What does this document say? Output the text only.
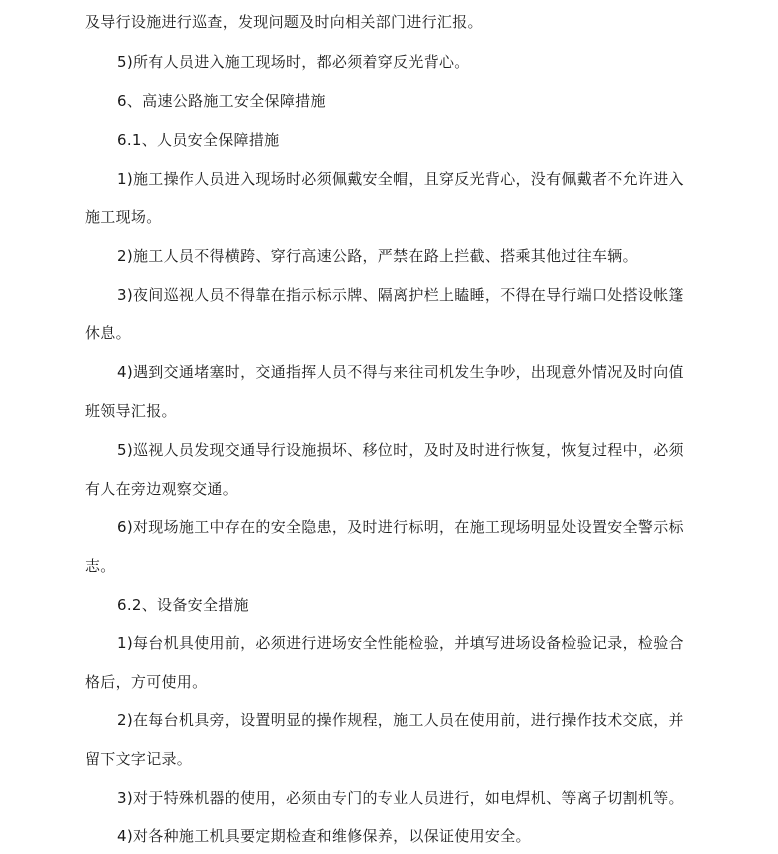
及导行设施进行巡查，发现问题及时向相关部门进行汇报。
5)所有人员进入施工现场时，都必须着穿反光背心。
6、高速公路施工安全保障措施
6.1、人员安全保障措施
1)施工操作人员进入现场时必须佩戴安全帽，且穿反光背心，没有佩戴者不允许进入
施工现场。
2)施工人员不得横跨、穿行高速公路，严禁在路上拦截、搭乘其他过往车辆。
3)夜间巡视人员不得靠在指示标示牌、隔离护栏上瞌睡，不得在导行端口处搭设帐篷
休息。
4)遇到交通堵塞时，交通指挥人员不得与来往司机发生争吵，出现意外情况及时向值
班领导汇报。
5)巡视人员发现交通导行设施损坏、移位时，及时及时进行恢复，恢复过程中，必须
有人在旁边观察交通。
6)对现场施工中存在的安全隐患，及时进行标明，在施工现场明显处设置安全警示标
志。
6.2、设备安全措施
1)每台机具使用前，必须进行进场安全性能检验，并填写进场设备检验记录，检验合
格后，方可使用。
2)在每台机具旁，设置明显的操作规程，施工人员在使用前，进行操作技术交底，并
留下文字记录。
3)对于特殊机器的使用，必须由专门的专业人员进行，如电焊机、等离子切割机等。
4)对各种施工机具要定期检查和维修保养，以保证使用安全。
